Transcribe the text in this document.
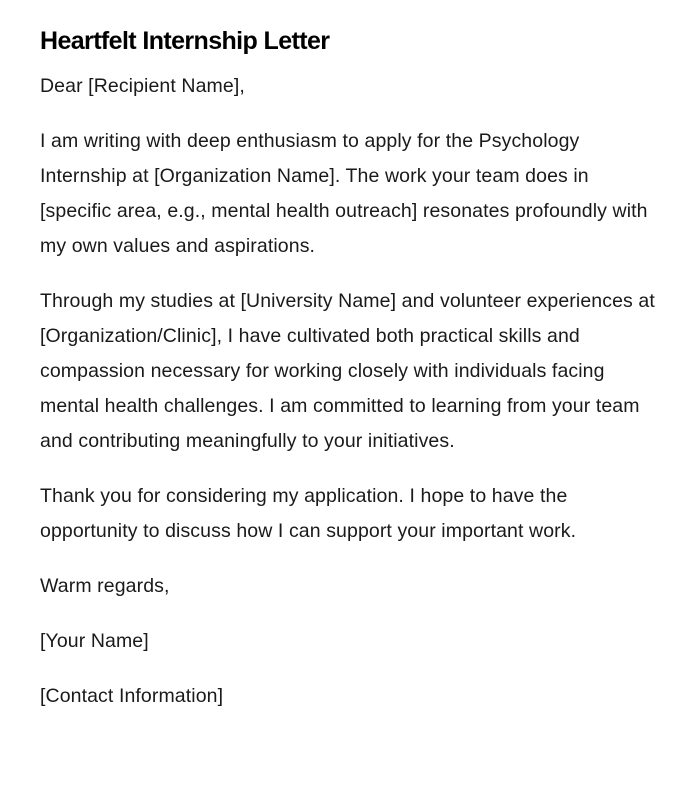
Heartfelt Internship Letter

Dear [Recipient Name],

I am writing with deep enthusiasm to apply for the Psychology Internship at [Organization Name]. The work your team does in [specific area, e.g., mental health outreach] resonates profoundly with my own values and aspirations.

Through my studies at [University Name] and volunteer experiences at [Organization/Clinic], I have cultivated both practical skills and compassion necessary for working closely with individuals facing mental health challenges. I am committed to learning from your team and contributing meaningfully to your initiatives.

Thank you for considering my application. I hope to have the opportunity to discuss how I can support your important work.

Warm regards,

[Your Name]

[Contact Information]
